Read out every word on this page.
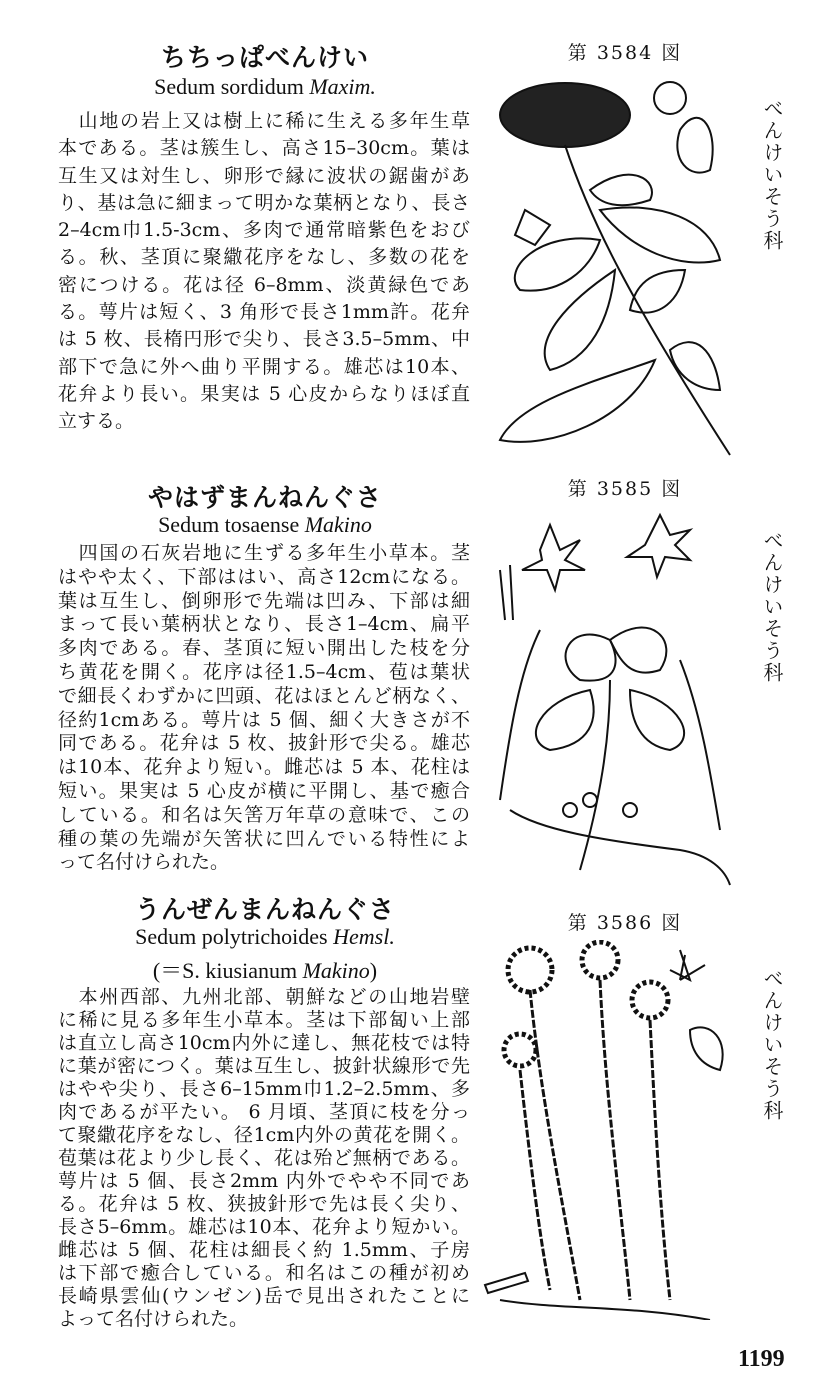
ちちっぱべんけい
Sedum sordidum Maxim.
　山地の岩上又は樹上に稀に生える多年生草
本である。茎は簇生し、高さ15–30cm。葉は
互生又は対生し、卵形で縁に波状の鋸歯があ
り、基は急に細まって明かな葉柄となり、長さ
2–4cm巾1.5-3cm、多肉で通常暗紫色をおび
る。秋、茎頂に聚繖花序をなし、多数の花を
密につける。花は径 6–8mm、淡黄緑色であ
る。萼片は短く、3 角形で長さ1mm許。花弁
は 5 枚、長楕円形で尖り、長さ3.5–5mm、中
部下で急に外へ曲り平開する。雄芯は10本、
花弁より長い。果実は 5 心皮からなりほぼ直
立する。
第 3584 図
べんけいそう科
やはずまんねんぐさ
Sedum tosaense Makino
　四国の石灰岩地に生ずる多年生小草本。茎
はやや太く、下部ははい、高さ12cmになる。
葉は互生し、倒卵形で先端は凹み、下部は細
まって長い葉柄状となり、長さ1–4cm、扁平
多肉である。春、茎頂に短い開出した枝を分
ち黄花を開く。花序は径1.5–4cm、苞は葉状
で細長くわずかに凹頭、花はほとんど柄なく、
径約1cmある。萼片は 5 個、細く大きさが不
同である。花弁は 5 枚、披針形で尖る。雄芯
は10本、花弁より短い。雌芯は 5 本、花柱は
短い。果実は 5 心皮が横に平開し、基で癒合
している。和名は矢筈万年草の意味で、この
種の葉の先端が矢筈状に凹んでいる特性によ
って名付けられた。
第 3585 図
べんけいそう科
うんぜんまんねんぐさ
Sedum polytrichoides Hemsl.
(＝S. kiusianum Makino)
　本州西部、九州北部、朝鮮などの山地岩壁
に稀に見る多年生小草本。茎は下部匐い上部
は直立し高さ10cm内外に達し、無花枝では特
に葉が密につく。葉は互生し、披針状線形で先
はやや尖り、長さ6–15mm巾1.2–2.5mm、多
肉であるが平たい。 6 月頃、茎頂に枝を分っ
て聚繖花序をなし、径1cm内外の黄花を開く。
苞葉は花より少し長く、花は殆ど無柄である。
萼片は 5 個、長さ2mm 内外でやや不同であ
る。花弁は 5 枚、狭披針形で先は長く尖り、
長さ5–6mm。雄芯は10本、花弁より短かい。
雌芯は 5 個、花柱は細長く約 1.5mm、子房
は下部で癒合している。和名はこの種が初め
長崎県雲仙(ウンゼン)岳で見出されたことに
よって名付けられた。
第 3586 図
べんけいそう科
1199
